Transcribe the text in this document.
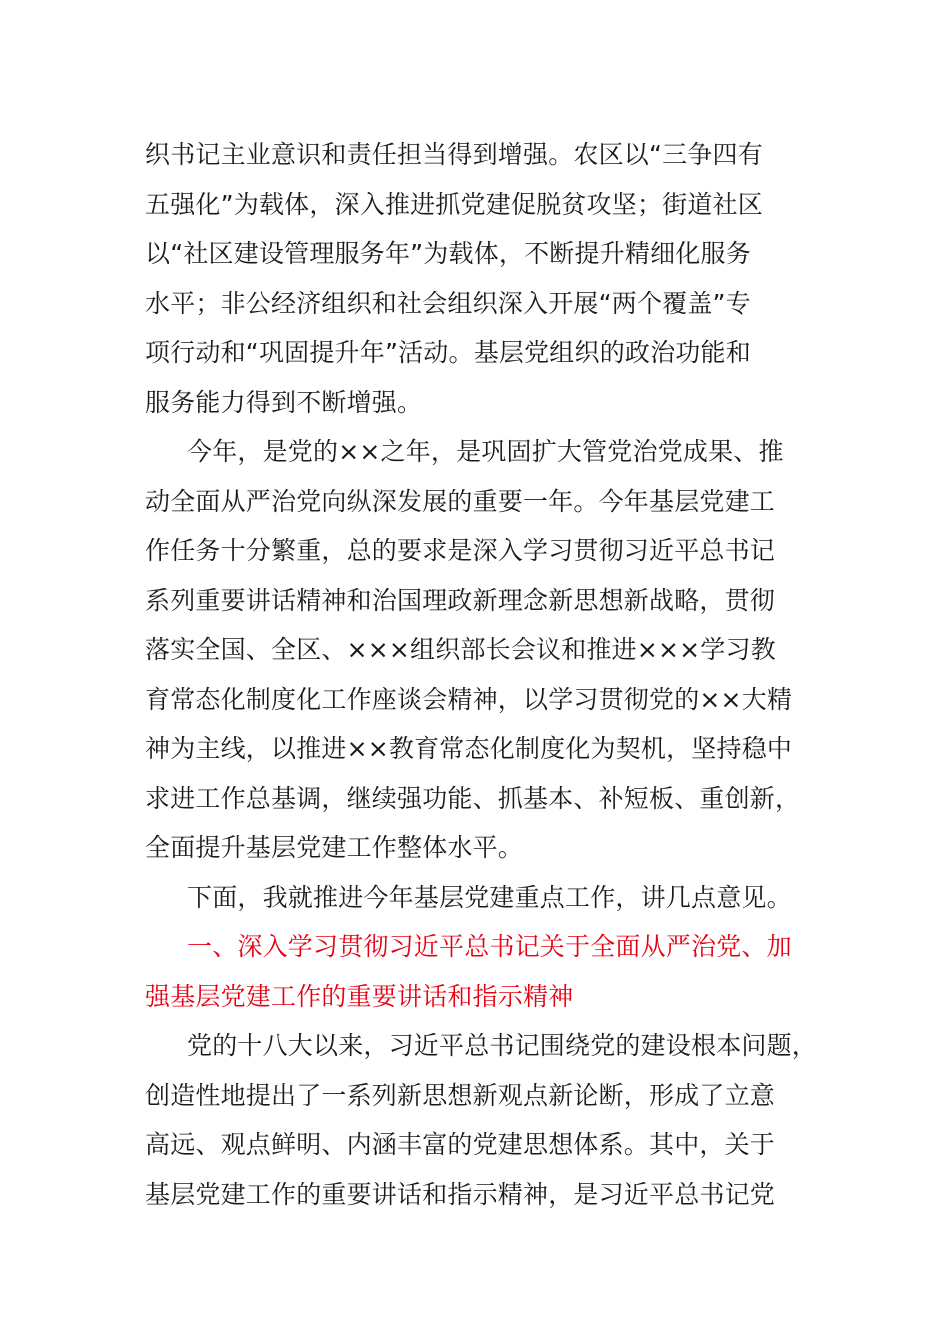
织书记主业意识和责任担当得到增强。农区以“三争四有
五强化”为载体，深入推进抓党建促脱贫攻坚；街道社区
以“社区建设管理服务年”为载体，不断提升精细化服务
水平；非公经济组织和社会组织深入开展“两个覆盖”专
项行动和“巩固提升年”活动。基层党组织的政治功能和
服务能力得到不断增强。
今年，是党的××之年，是巩固扩大管党治党成果、推
动全面从严治党向纵深发展的重要一年。今年基层党建工
作任务十分繁重，总的要求是深入学习贯彻习近平总书记
系列重要讲话精神和治国理政新理念新思想新战略，贯彻
落实全国、全区、×××组织部长会议和推进×××学习教
育常态化制度化工作座谈会精神，以学习贯彻党的××大精
神为主线，以推进××教育常态化制度化为契机，坚持稳中
求进工作总基调，继续强功能、抓基本、补短板、重创新，
全面提升基层党建工作整体水平。
下面，我就推进今年基层党建重点工作，讲几点意见。
一、深入学习贯彻习近平总书记关于全面从严治党、加
强基层党建工作的重要讲话和指示精神
党的十八大以来，习近平总书记围绕党的建设根本问题，
创造性地提出了一系列新思想新观点新论断，形成了立意
高远、观点鲜明、内涵丰富的党建思想体系。其中，关于
基层党建工作的重要讲话和指示精神，是习近平总书记党
